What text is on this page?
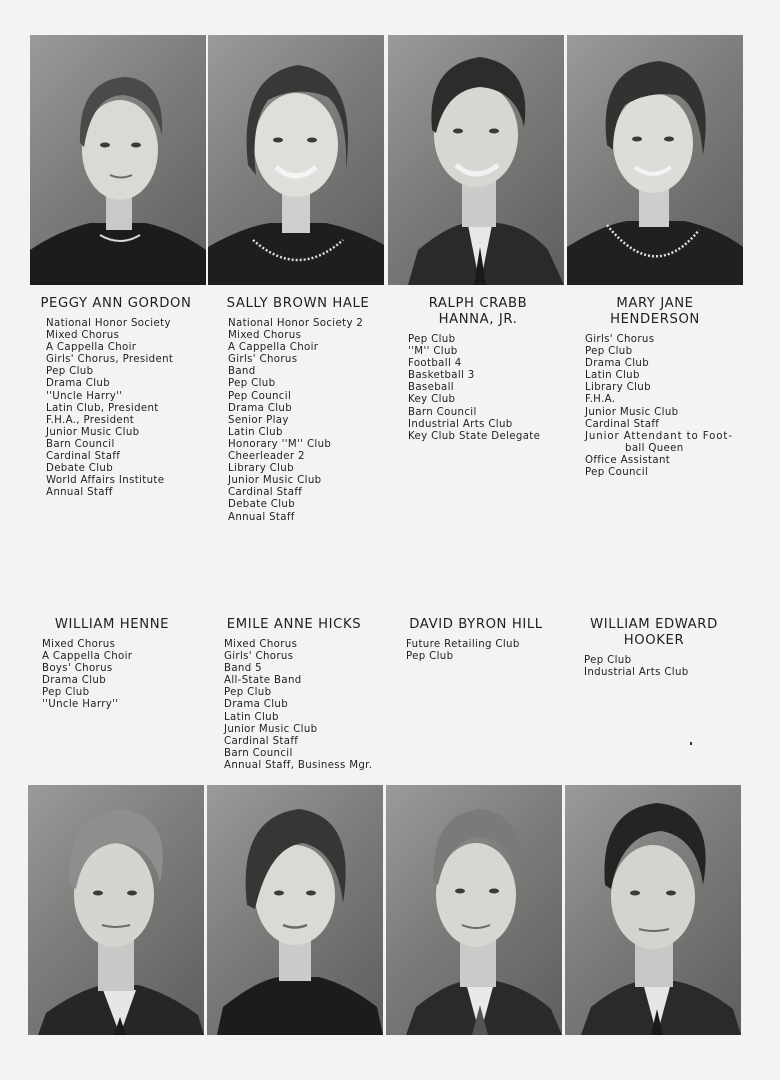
PEGGY ANN GORDON
National Honor Society
Mixed Chorus
A Cappella Choir
Girls' Chorus, President
Pep Club
Drama Club
''Uncle Harry''
Latin Club, President
F.H.A., President
Junior Music Club
Barn Council
Cardinal Staff
Debate Club
World Affairs Institute
Annual Staff
SALLY BROWN HALE
National Honor Society 2
Mixed Chorus
A Cappella Choir
Girls' Chorus
Band
Pep Club
Pep Council
Drama Club
Senior Play
Latin Club
Honorary ''M'' Club
Cheerleader 2
Library Club
Junior Music Club
Cardinal Staff
Debate Club
Annual Staff
RALPH CRABB
HANNA, JR.
Pep Club
''M'' Club
Football 4
Basketball 3
Baseball
Key Club
Barn Council
Industrial Arts Club
Key Club State Delegate
MARY JANE
HENDERSON
Girls' Chorus
Pep Club
Drama Club
Latin Club
Library Club
F.H.A.
Junior Music Club
Cardinal Staff
Junior Attendant to Foot-
ball Queen
Office Assistant
Pep Council
WILLIAM HENNE
Mixed Chorus
A Cappella Choir
Boys' Chorus
Drama Club
Pep Club
''Uncle Harry''
EMILE ANNE HICKS
Mixed Chorus
Girls' Chorus
Band 5
All-State Band
Pep Club
Drama Club
Latin Club
Junior Music Club
Cardinal Staff
Barn Council
Annual Staff, Business Mgr.
DAVID BYRON HILL
Future Retailing Club
Pep Club
WILLIAM EDWARD
HOOKER
Pep Club
Industrial Arts Club
